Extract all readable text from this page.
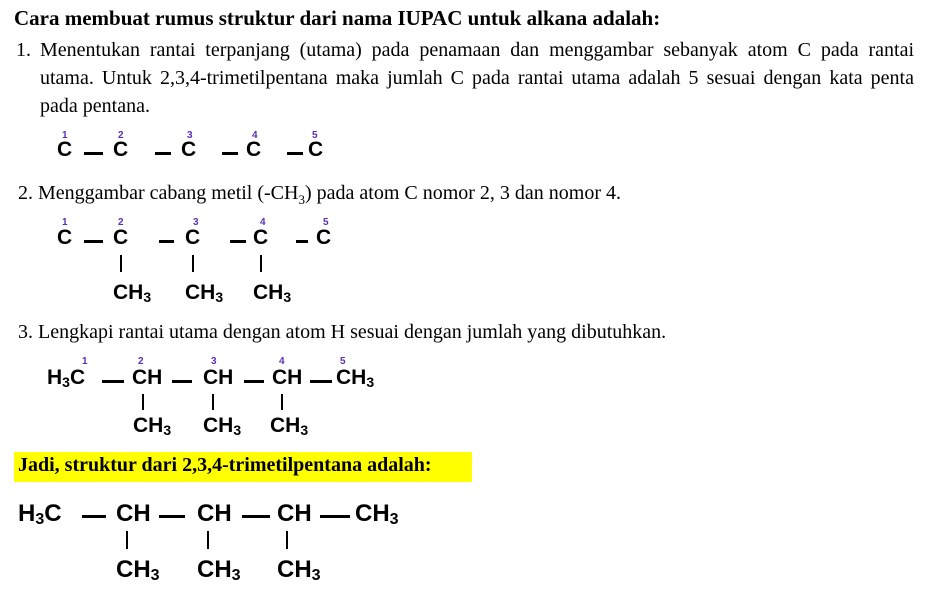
Cara membuat rumus struktur dari nama IUPAC untuk alkana adalah:
1. Menentukan rantai terpanjang (utama) pada penamaan dan menggambar sebanyak atom C pada rantai utama. Untuk 2,3,4-trimetilpentana maka jumlah C pada rantai utama adalah 5 sesuai dengan kata penta pada pentana.
1
C
2
C
3
C
4
C
5
C
2. Menggambar cabang metil $(-CH_3)$ pada atom C nomor 2, 3 dan nomor 4.
1
C
2
C
3
C
4
C
5
C
$CH_3$ $CH_3$ $CH_3$
3. Lengkapi rantai utama dengan atom H sesuai dengan jumlah yang dibutuhkan.
$H_3C$
1	2
CH
3
CH
4
CH
5
$CH_3$
$CH_3$ $CH_3$ $CH_3$
Jadi, struktur dari 2,3,4-trimetilpentana adalah:
$H_3C$ CH CH CH $CH_3$
$CH_3$ $CH_3$ $CH_3$
